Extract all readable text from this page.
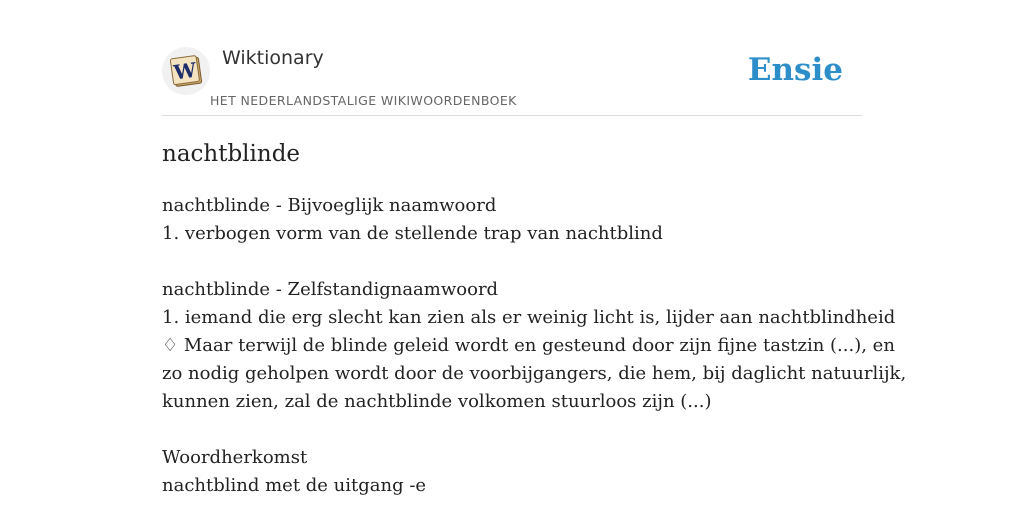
W Wiktionary
HET NEDERLANDSTALIGE WIKIWOORDENBOEK
Ensie
nachtblinde
nachtblinde - Bijvoeglijk naamwoord
1. verbogen vorm van de stellende trap van nachtblind
nachtblinde - Zelfstandignaamwoord
1. iemand die erg slecht kan zien als er weinig licht is, lijder aan nachtblindheid
♢ Maar terwijl de blinde geleid wordt en gesteund door zijn fijne tastzin (...), en
zo nodig geholpen wordt door de voorbijgangers, die hem, bij daglicht natuurlijk,
kunnen zien, zal de nachtblinde volkomen stuurloos zijn (...)
Woordherkomst
nachtblind met de uitgang -e
